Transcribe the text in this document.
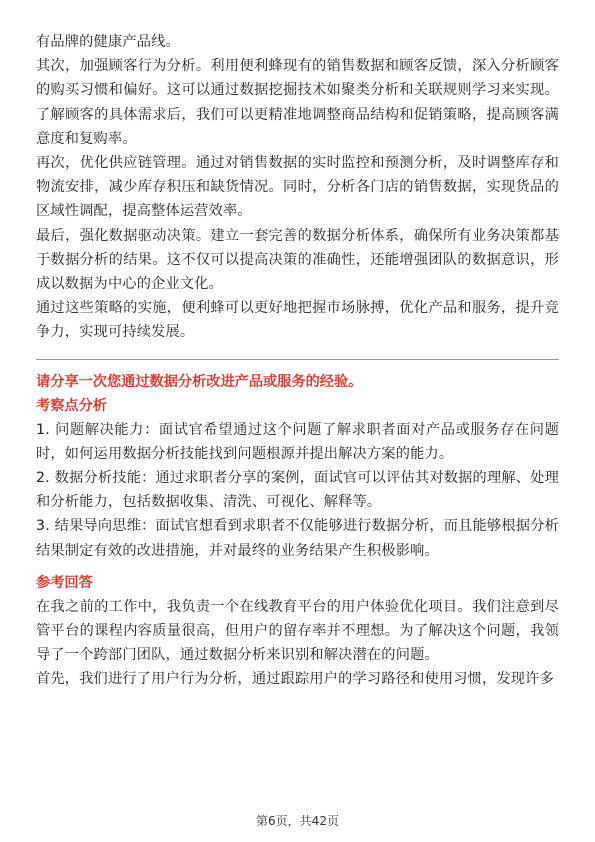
有品牌的健康产品线。

其次，加强顾客行为分析。利用便利蜂现有的销售数据和顾客反馈，深入分析顾客的购买习惯和偏好。这可以通过数据挖掘技术如聚类分析和关联规则学习来实现。了解顾客的具体需求后，我们可以更精准地调整商品结构和促销策略，提高顾客满意度和复购率。

再次，优化供应链管理。通过对销售数据的实时监控和预测分析，及时调整库存和物流安排，减少库存积压和缺货情况。同时，分析各门店的销售数据，实现货品的区域性调配，提高整体运营效率。

最后，强化数据驱动决策。建立一套完善的数据分析体系，确保所有业务决策都基于数据分析的结果。这不仅可以提高决策的准确性，还能增强团队的数据意识，形成以数据为中心的企业文化。

通过这些策略的实施，便利蜂可以更好地把握市场脉搏，优化产品和服务，提升竞争力，实现可持续发展。

请分享一次您通过数据分析改进产品或服务的经验。

考察点分析

1. 问题解决能力：面试官希望通过这个问题了解求职者面对产品或服务存在问题时，如何运用数据分析技能找到问题根源并提出解决方案的能力。

2. 数据分析技能：通过求职者分享的案例，面试官可以评估其对数据的理解、处理和分析能力，包括数据收集、清洗、可视化、解释等。

3. 结果导向思维：面试官想看到求职者不仅能够进行数据分析，而且能够根据分析结果制定有效的改进措施，并对最终的业务结果产生积极影响。

参考回答

在我之前的工作中，我负责一个在线教育平台的用户体验优化项目。我们注意到尽管平台的课程内容质量很高，但用户的留存率并不理想。为了解决这个问题，我领导了一个跨部门团队，通过数据分析来识别和解决潜在的问题。

首先，我们进行了用户行为分析，通过跟踪用户的学习路径和使用习惯，发现许多

第6页，共42页
